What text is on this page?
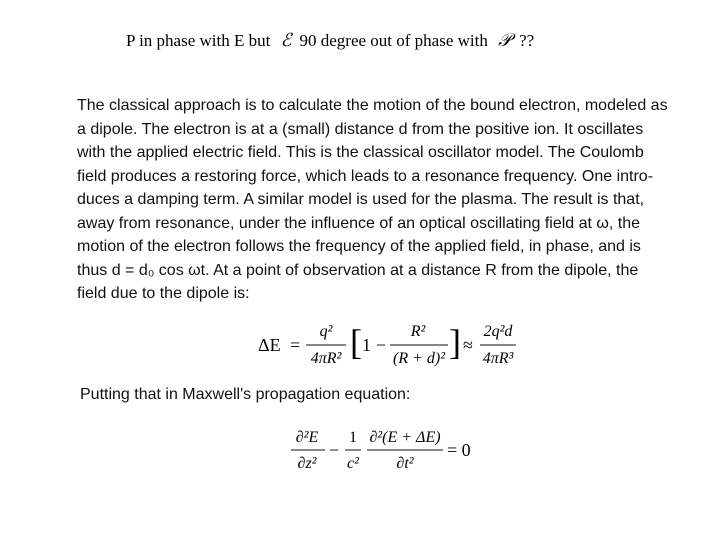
P in phase with E but ℰ 90 degree out of phase with 𝒫 ??

The classical approach is to calculate the motion of the bound electron, modeled as
a dipole. The electron is at a (small) distance d from the positive ion. It oscillates
with the applied electric field. This is the classical oscillator model. The Coulomb
field produces a restoring force, which leads to a resonance frequency. One intro-
duces a damping term. A similar model is used for the plasma. The result is that,
away from resonance, under the influence of an optical oscillating field at ω, the
motion of the electron follows the frequency of the applied field, in phase, and is
thus d = d₀ cos ωt. At a point of observation at a distance R from the dipole, the
field due to the dipole is:

ΔE =
q²
4πR² [ 1 −
R²
(R + d)² ] ≈
2q²d
4πR³

Putting that in Maxwell's propagation equation:

∂²E
∂z²
−
1
c²
∂²(E + ΔE)
∂t²
= 0
